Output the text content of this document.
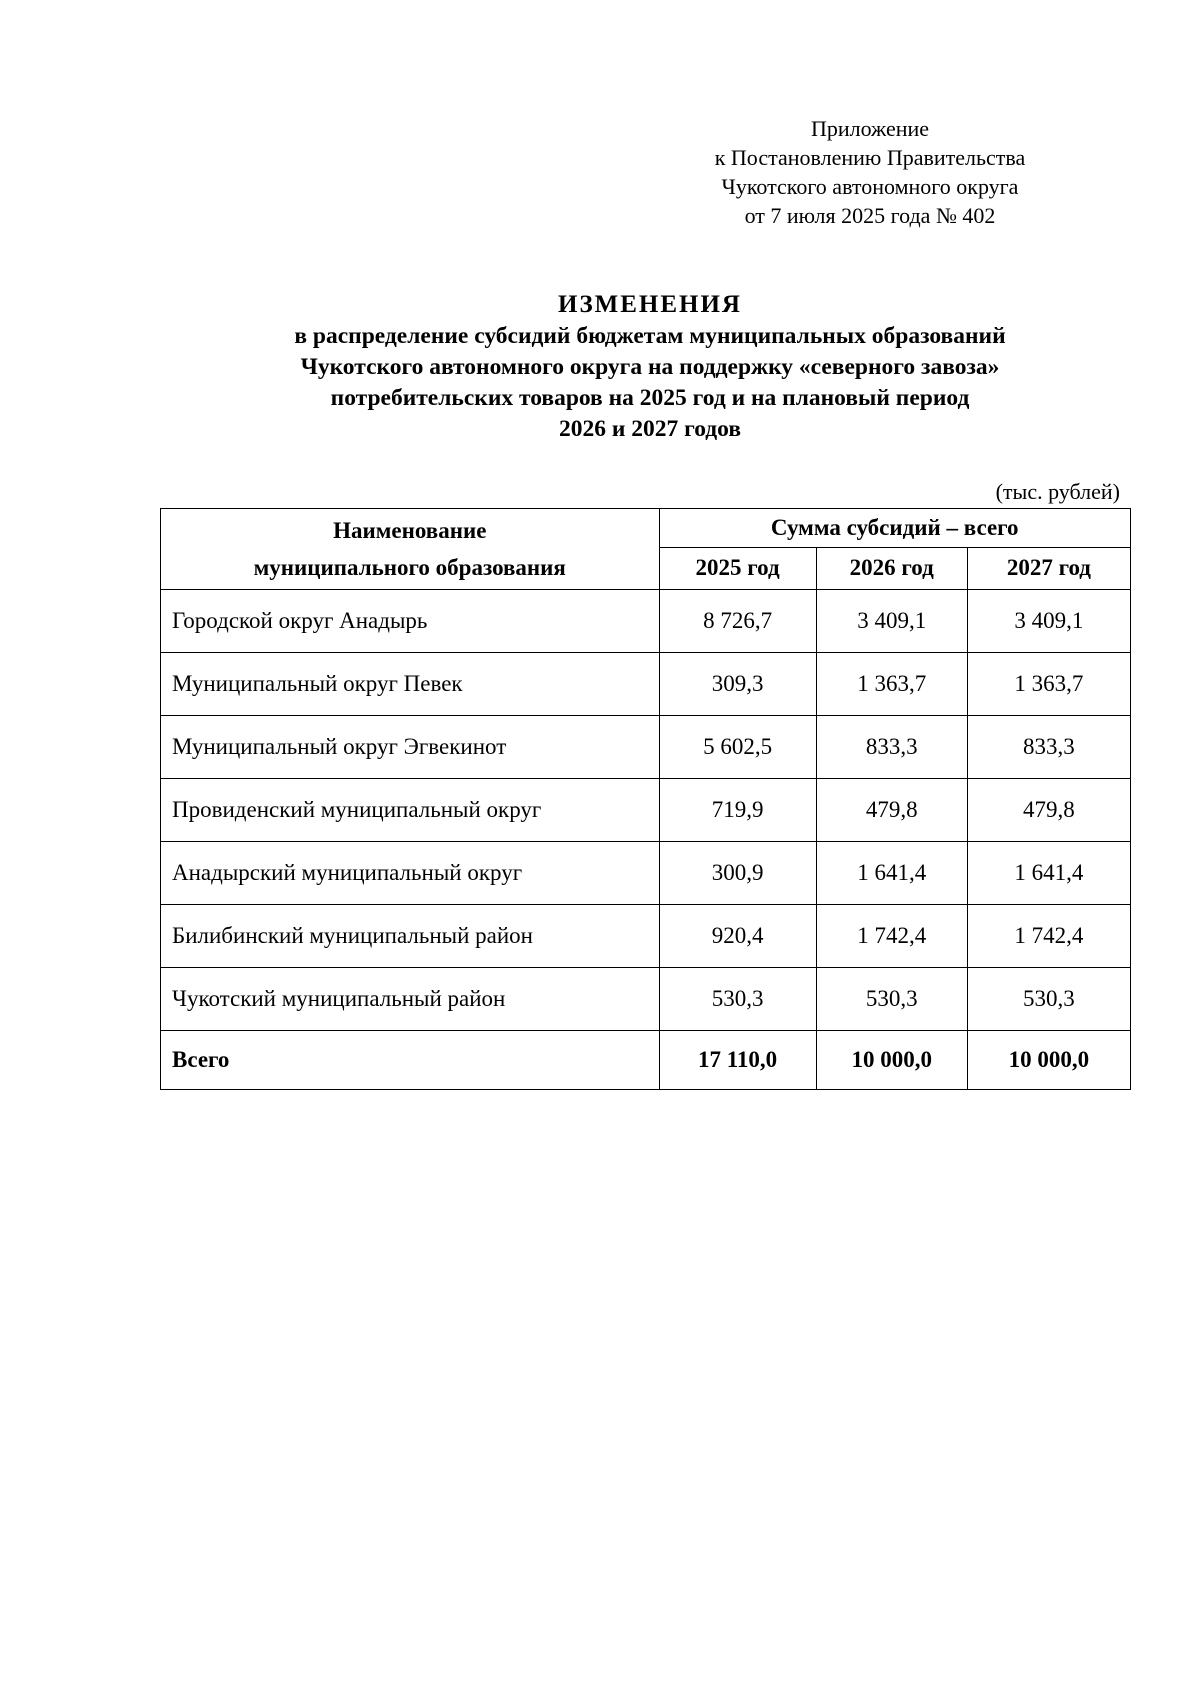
Приложение
к Постановлению Правительства
Чукотского автономного округа
от 7 июля 2025 года № 402
ИЗМЕНЕНИЯ
в распределение субсидий бюджетам муниципальных образований
Чукотского автономного округа на поддержку «северного завоза»
потребительских товаров на 2025 год и на плановый период
2026 и 2027 годов
(тыс. рублей)
Наименование
муниципального образования	Сумма субсидий – всего		
	2025 год	2026 год	2027 год
Городской округ Анадырь	8 726,7	3 409,1	3 409,1
Муниципальный округ Певек	309,3	1 363,7	1 363,7
Муниципальный округ Эгвекинот	5 602,5	833,3	833,3
Провиденский муниципальный округ	719,9	479,8	479,8
Анадырский муниципальный округ	300,9	1 641,4	1 641,4
Билибинский муниципальный район	920,4	1 742,4	1 742,4
Чукотский муниципальный район	530,3	530,3	530,3
Всего	17 110,0	10 000,0	10 000,0
